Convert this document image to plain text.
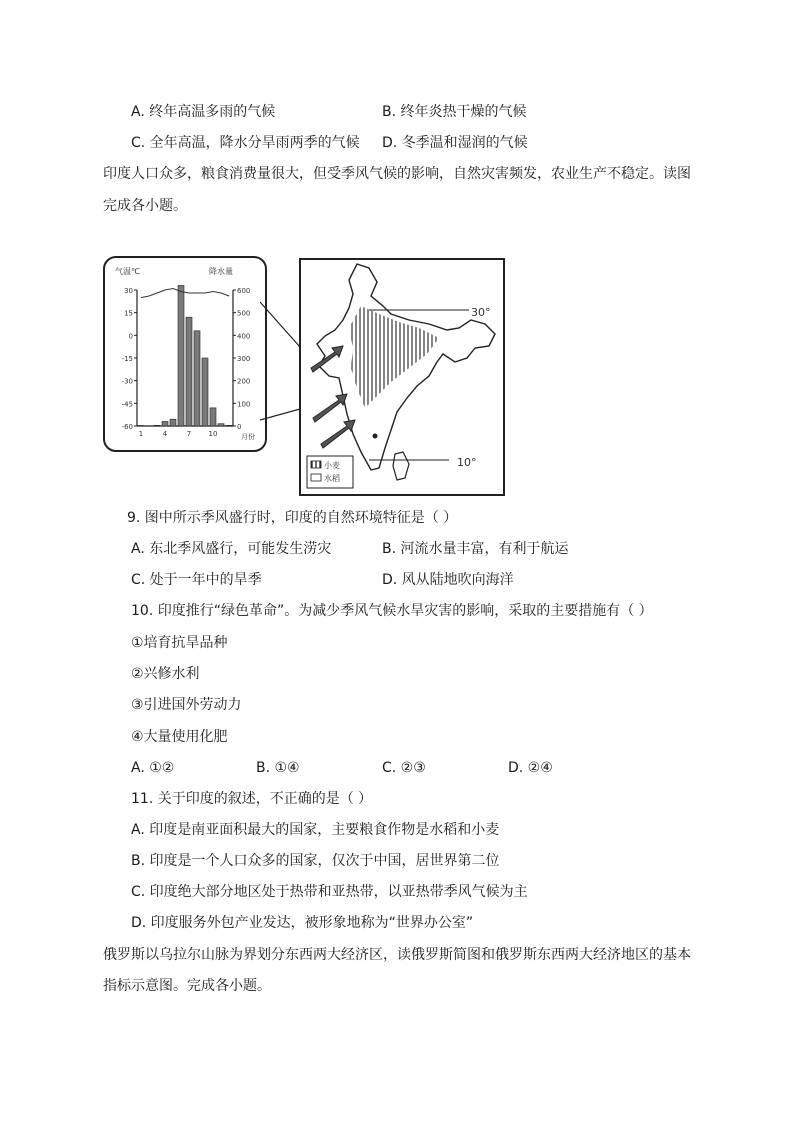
A. 终年高温多雨的气候	B. 终年炎热干燥的气候
C. 全年高温，降水分旱雨两季的气候 D. 冬季温和湿润的气候
印度人口众多，粮食消费量很大，但受季风气候的影响，自然灾害频发，农业生产不稳定。读图
完成各小题。
气温℃	降水量
月份
30
15
0
-15
-30
-45
-60
600
500
400
300
200
100
0
1	4	7 10
30°
10°
小麦
水稻
9. 图中所示季风盛行时，印度的自然环境特征是（ ）
A. 东北季风盛行，可能发生涝灾	B. 河流水量丰富，有利于航运
C. 处于一年中的旱季	D. 风从陆地吹向海洋
10. 印度推行“绿色革命”。为减少季风气候水旱灾害的影响，采取的主要措施有（ ）
①培育抗旱品种
②兴修水利
③引进国外劳动力
④大量使用化肥
A. ①②	B. ①④	C. ②③	D. ②④
11. 关于印度的叙述，不正确的是（ ）
A. 印度是南亚面积最大的国家，主要粮食作物是水稻和小麦
B. 印度是一个人口众多的国家，仅次于中国，居世界第二位
C. 印度绝大部分地区处于热带和亚热带，以亚热带季风气候为主
D. 印度服务外包产业发达，被形象地称为“世界办公室”
俄罗斯以乌拉尔山脉为界划分东西两大经济区，读俄罗斯简图和俄罗斯东西两大经济地区的基本
指标示意图。完成各小题。
